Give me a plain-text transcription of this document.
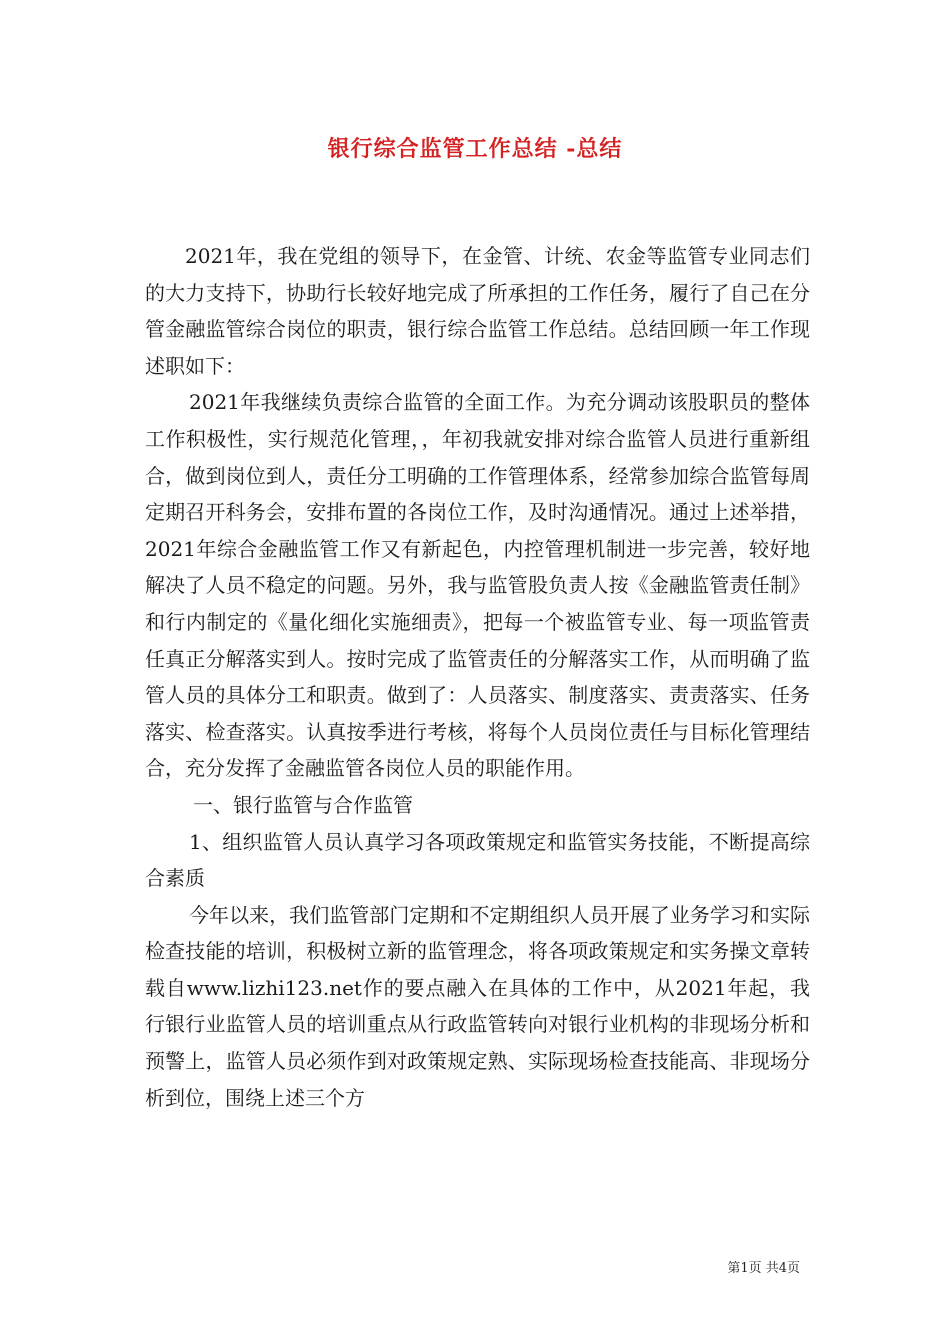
银行综合监管工作总结 -总结

2021年，我在党组的领导下，在金管、计统、农金等监管专业同志们的大力支持下，协助行长较好地完成了所承担的工作任务，履行了自己在分管金融监管综合岗位的职责，银行综合监管工作总结。总结回顾一年工作现述职如下：

2021年我继续负责综合监管的全面工作。为充分调动该股职员的整体工作积极性，实行规范化管理，，年初我就安排对综合监管人员进行重新组合，做到岗位到人，责任分工明确的工作管理体系，经常参加综合监管每周定期召开科务会，安排布置的各岗位工作，及时沟通情况。通过上述举措，2021年综合金融监管工作又有新起色，内控管理机制进一步完善，较好地解决了人员不稳定的问题。另外，我与监管股负责人按《金融监管责任制》和行内制定的《量化细化实施细责》，把每一个被监管专业、每一项监管责任真正分解落实到人。按时完成了监管责任的分解落实工作，从而明确了监管人员的具体分工和职责。做到了：人员落实、制度落实、责责落实、任务落实、检查落实。认真按季进行考核，将每个人员岗位责任与目标化管理结合，充分发挥了金融监管各岗位人员的职能作用。

一、银行监管与合作监管

1、组织监管人员认真学习各项政策规定和监管实务技能，不断提高综合素质

今年以来，我们监管部门定期和不定期组织人员开展了业务学习和实际检查技能的培训，积极树立新的监管理念，将各项政策规定和实务操文章转载自www.lizhi123.net作的要点融入在具体的工作中，从2021年起，我行银行业监管人员的培训重点从行政监管转向对银行业机构的非现场分析和预警上，监管人员必须作到对政策规定熟、实际现场检查技能高、非现场分析到位，围绕上述三个方

第1页 共4页
